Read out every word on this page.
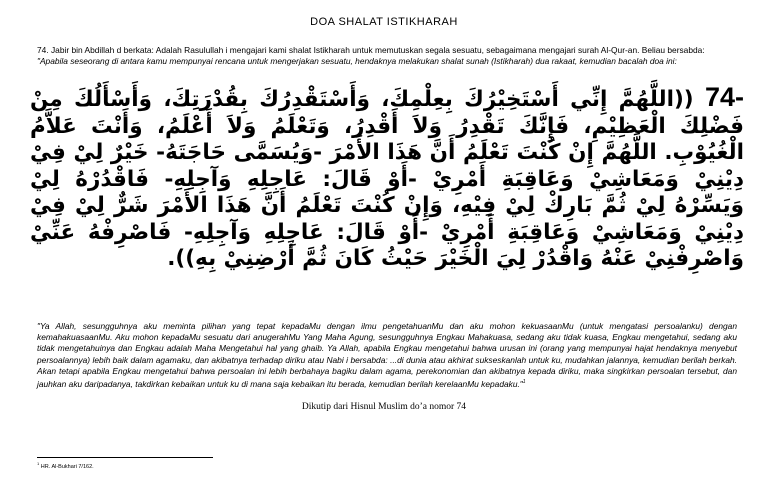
DOA SHALAT ISTIKHARAH
74. Jabir bin Abdillah d berkata: Adalah Rasulullah i mengajari kami shalat Istikharah untuk memutuskan segala sesuatu, sebagaimana mengajari surah Al-Qur-an. Beliau bersabda: "Apabila seseorang di antara kamu mempunyai rencana untuk mengerjakan sesuatu, hendaknya melakukan shalat sunah (Istikharah) dua rakaat, kemudian bacalah doa ini:
-74 ((اللَّهُمَّ إِنِّي أَسْتَخِيْرُكَ بِعِلْمِكَ، وَأَسْتَقْدِرُكَ بِقُدْرَتِكَ، وَأَسْأَلُكَ مِنْ فَضْلِكَ الْعَظِيْمِ، فَإِنَّكَ تَقْدِرُ وَلاَ أَقْدِرُ، وَتَعْلَمُ وَلاَ أَعْلَمُ، وَأَنْتَ عَلاَّمُ الْغُيُوْبِ. اللَّهُمَّ إِنْ كُنْتَ تَعْلَمُ أَنَّ هَذَا الأَمْرَ -وَيُسَمَّى حَاجَتَهُ- خَيْرٌ لِيْ فِيْ دِيْنِيْ وَمَعَاشِيْ وَعَاقِبَةِ أَمْرِيْ -أَوْ قَالَ: عَاجِلِهِ وَآجِلِهِ- فَاقْدُرْهُ لِيْ وَيَسِّرْهُ لِيْ ثُمَّ بَارِكْ لِيْ فِيْهِ، وَإِنْ كُنْتَ تَعْلَمُ أَنَّ هَذَا الأَمْرَ شَرٌّ لِيْ فِيْ دِيْنِيْ وَمَعَاشِيْ وَعَاقِبَةِ أَمْرِيْ -أَوْ قَالَ: عَاجِلِهِ وَآجِلِهِ- فَاصْرِفْهُ عَنِّيْ وَاصْرِفْنِيْ عَنْهُ وَاقْدُرْ لِيَ الْخَيْرَ حَيْثُ كَانَ ثُمَّ أَرْضِنِيْ بِهِ)).
"Ya Allah, sesungguhnya aku meminta pilihan yang tepat kepadaMu dengan ilmu pengetahuanMu dan aku mohon kekuasaanMu (untuk mengatasi persoalanku) dengan kemahakuasaanMu. Aku mohon kepadaMu sesuatu dari anugerahMu Yang Maha Agung, sesungguhnya Engkau Mahakuasa, sedang aku tidak kuasa, Engkau mengetahui, sedang aku tidak mengetahuinya dan Engkau adalah Maha Mengetahui hal yang ghaib. Ya Allah, apabila Engkau mengetahui bahwa urusan ini (orang yang mempunyai hajat hendaknya menyebut persoalannya) lebih baik dalam agamaku, dan akibatnya terhadap diriku atau Nabi i bersabda: ...di dunia atau akhirat sukseskanlah untuk ku, mudahkan jalannya, kemudian berilah berkah. Akan tetapi apabila Engkau mengetahui bahwa persoalan ini lebih berbahaya bagiku dalam agama, perekonomian dan akibatnya kepada diriku, maka singkirkan persoalan tersebut, dan jauhkan aku daripadanya, takdirkan kebaikan untuk ku di mana saja kebaikan itu berada, kemudian berilah kerelaanMu kepadaku."$^1$
Dikutip dari Hisnul Muslim do’a nomor 74
$^1$ HR. Al-Bukhari 7/162.
